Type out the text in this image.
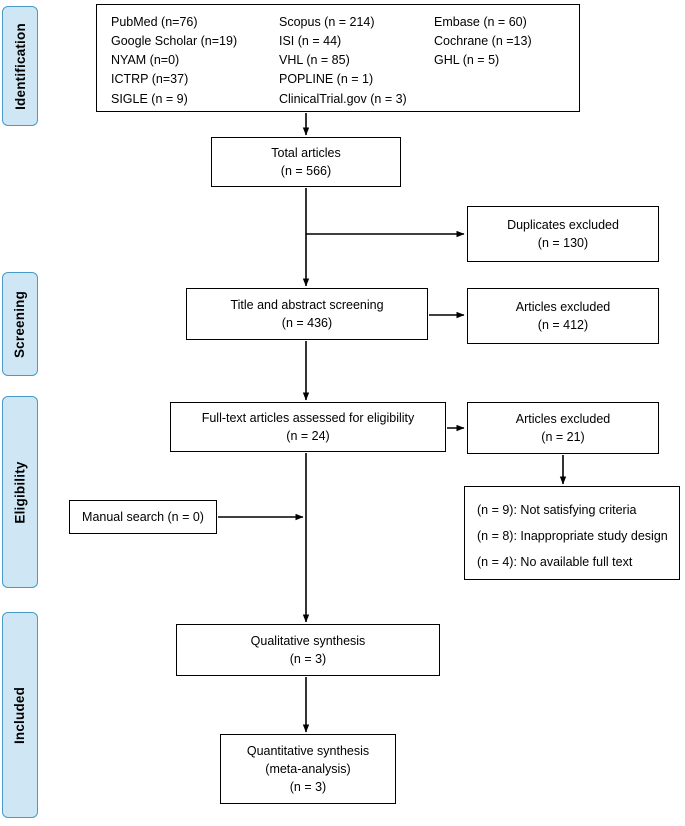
Identification
Screening
Eligibility
Included
PubMed (n=76)
Google Scholar (n=19)
NYAM (n=0)
ICTRP (n=37)
SIGLE (n = 9)
Scopus (n = 214)
ISI (n = 44)
VHL (n = 85)
POPLINE (n = 1)
ClinicalTrial.gov (n = 3)
Embase (n = 60)
Cochrane (n =13)
GHL (n = 5)
Total articles
(n = 566)
Duplicates excluded
(n = 130)
Title and abstract screening
(n = 436)
Articles excluded
(n = 412)
Full-text articles assessed for eligibility
(n = 24)
Articles excluded
(n = 21)
Manual search (n = 0)	(n = 9): Not satisfying criteria
(n = 8): Inappropriate study design
(n = 4): No available full text
Qualitative synthesis
(n = 3)
Quantitative synthesis
(meta-analysis)
(n = 3)
